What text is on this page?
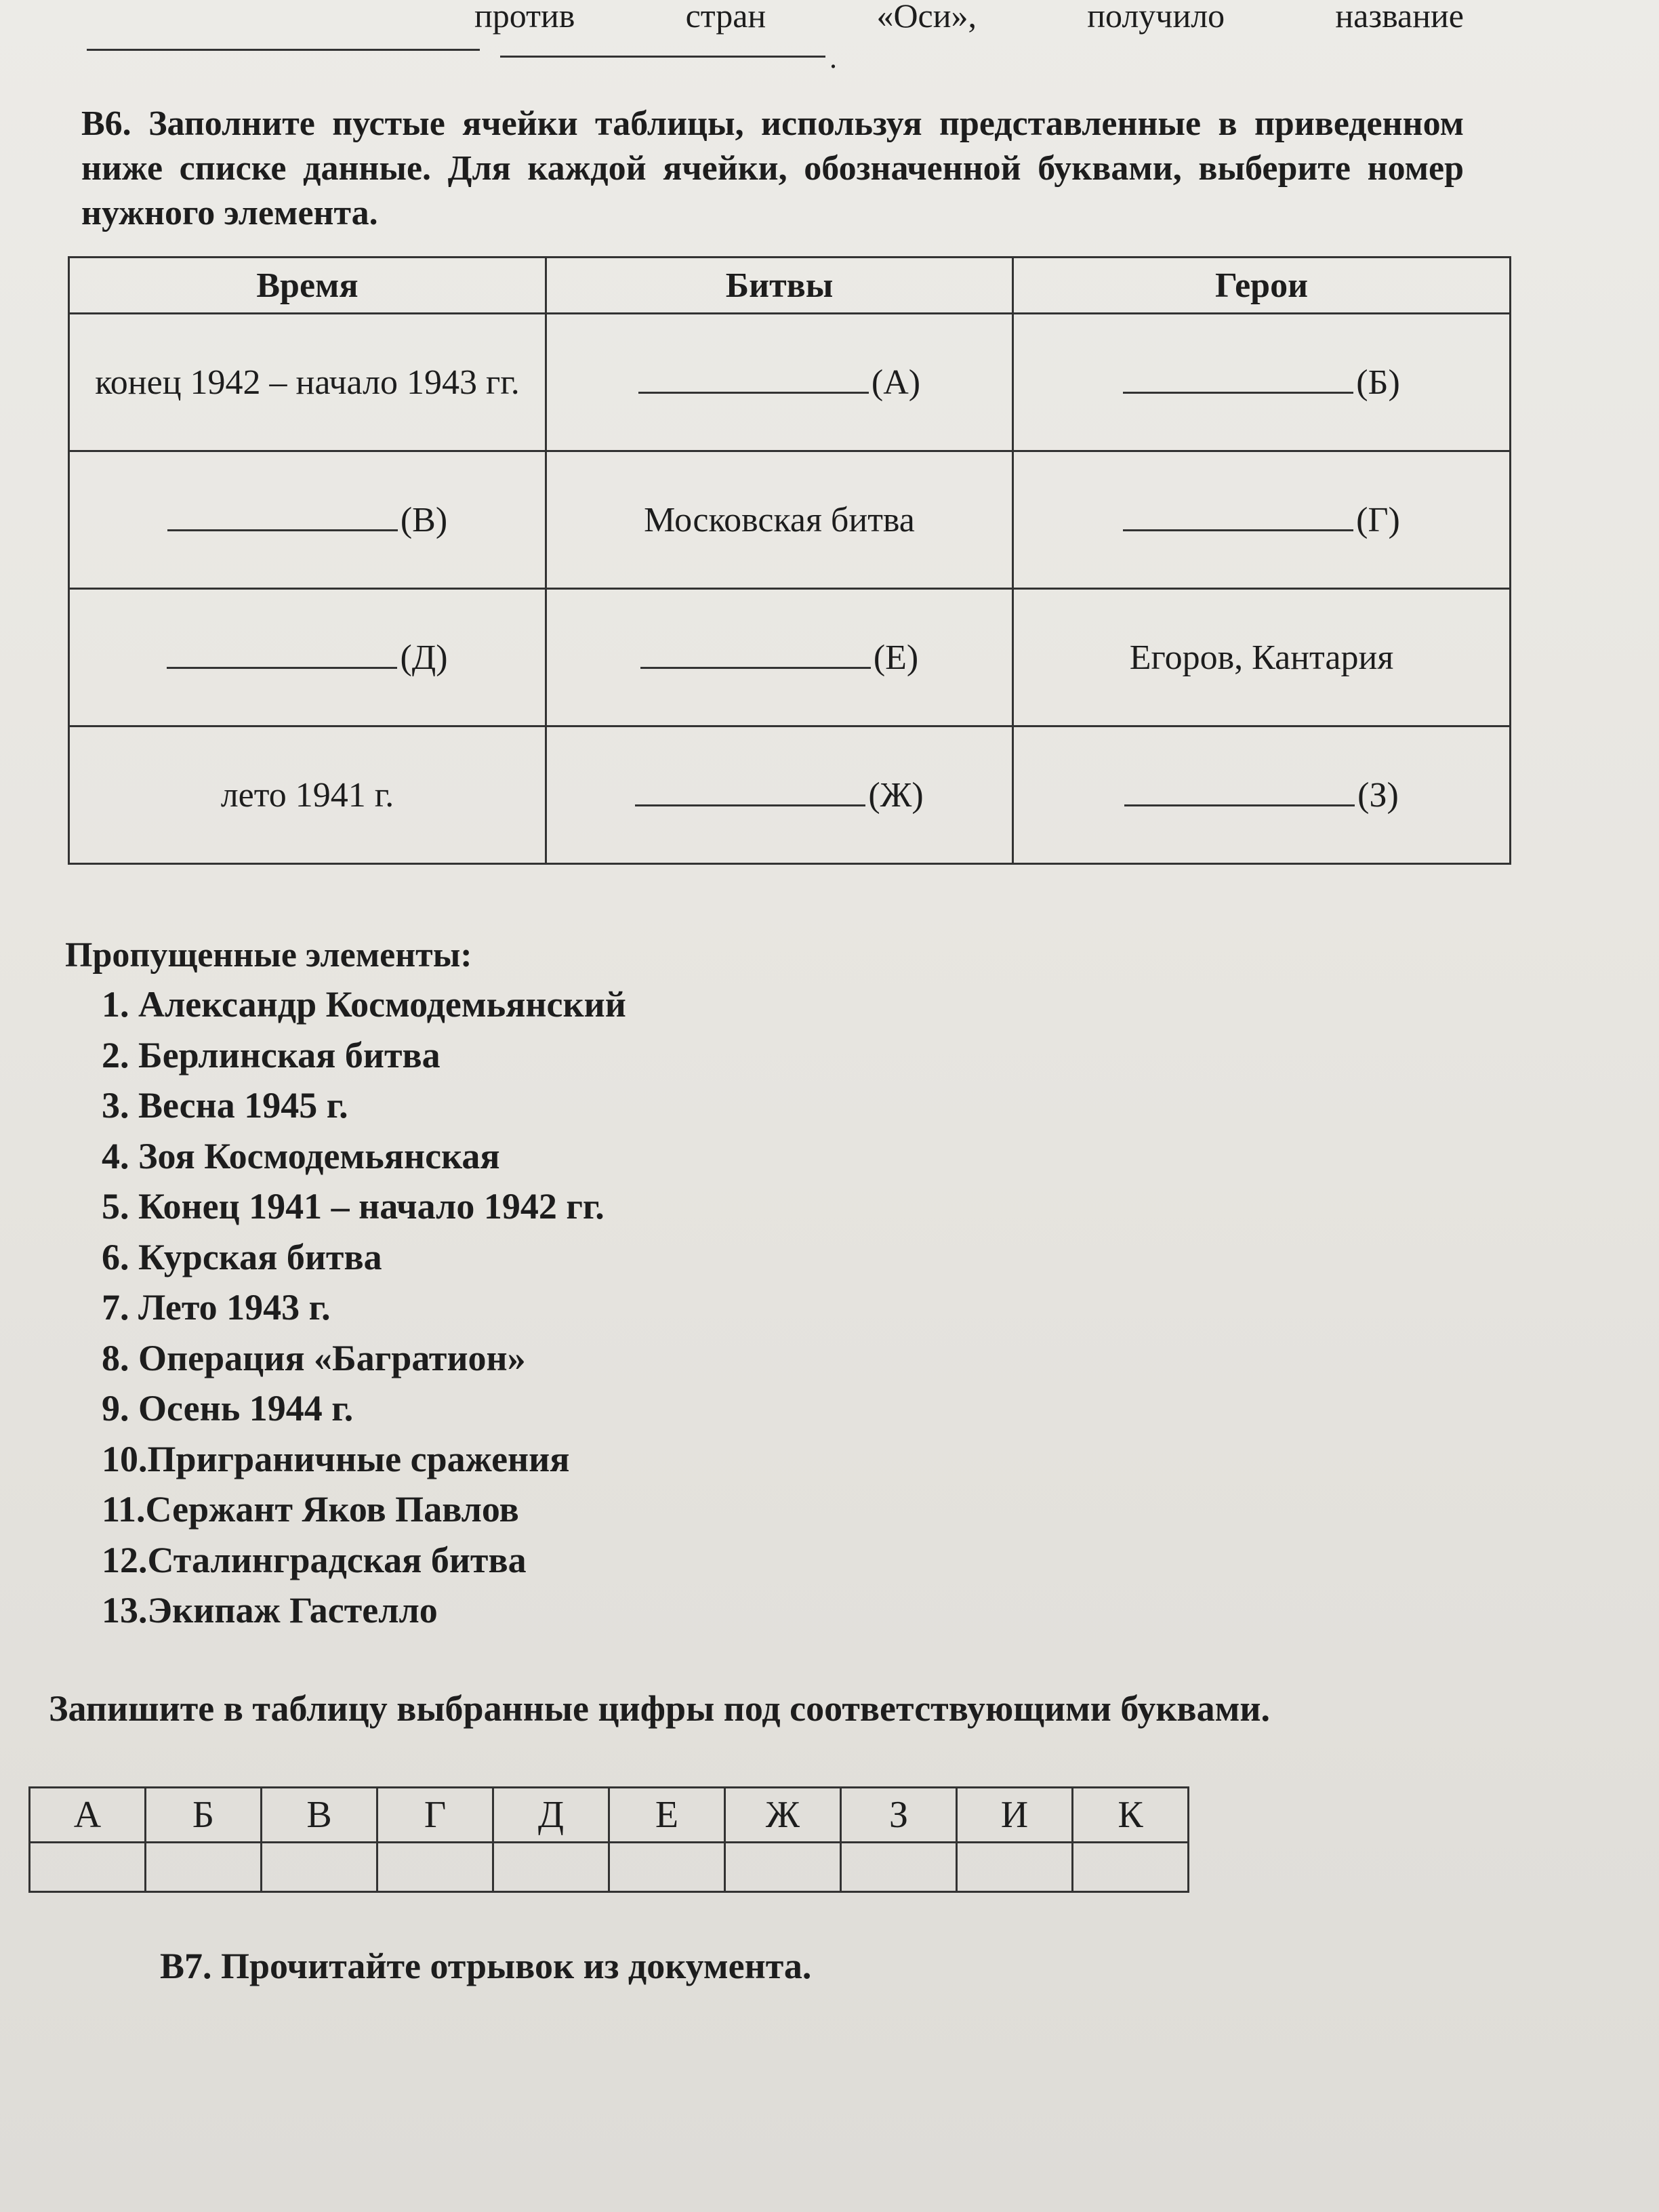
против	стран	«Оси»,	получило	название
.
В6. Заполните пустые ячейки таблицы, используя представленные в приведенном ниже списке данные. Для каждой ячейки, обозначенной буквами, выберите номер нужного элемента.
Время	Битвы	Герои
конец 1942 – начало 1943 гг.	(А)	(Б)
(В)	Московская битва	(Г)
(Д)	(Е)	Егоров, Кантария
лето 1941 г.	(Ж)	(З)
Пропущенные элементы:
1. Александр Космодемьянский
2. Берлинская битва
3. Весна 1945 г.
4. Зоя Космодемьянская
5. Конец 1941 – начало 1942 гг.
6. Курская битва
7. Лето 1943 г.
8. Операция «Багратион»
9. Осень 1944 г.
10.Приграничные сражения
11.Сержант Яков Павлов
12.Сталинградская битва
13.Экипаж Гастелло
Запишите в таблицу выбранные цифры под соответствующими буквами.
А	Б	В	Г	Д	Е	Ж	З	И	К

В7. Прочитайте отрывок из документа.
